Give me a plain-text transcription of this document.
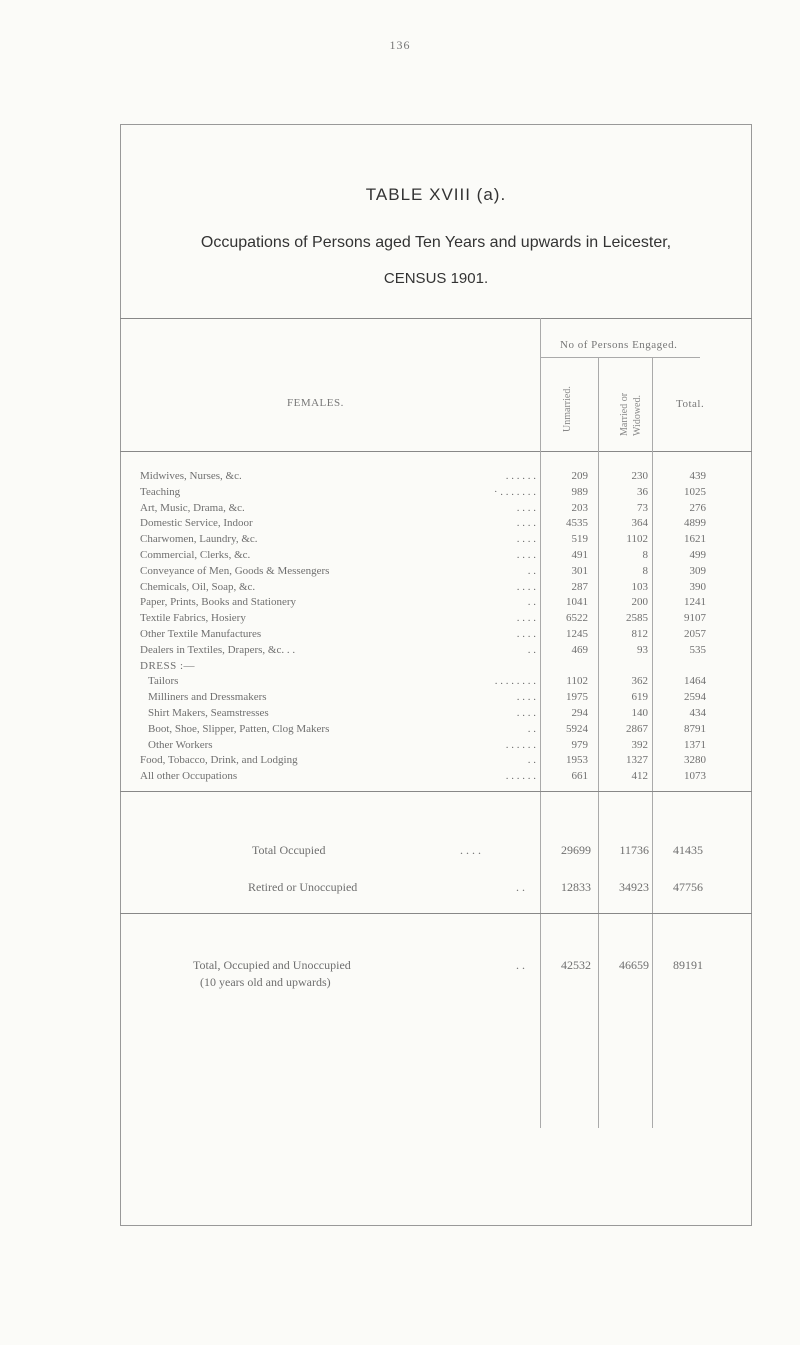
136
TABLE XVIII (a).
Occupations of Persons aged Ten Years and upwards in Leicester,
CENSUS 1901.
No of Persons Engaged.
FEMALES.	Unmarried.	Married or Widowed.	Total.
Midwives, Nurses, &c.	. . . . . .	209	230	439
Teaching	· . . . . . . .	989	36	1025
Art, Music, Drama, &c.	. . . .	203	73	276
Domestic Service, Indoor	. . . .	4535	364	4899
Charwomen, Laundry, &c.	. . . .	519	1102	1621
Commercial, Clerks, &c.	. . . .	491	8	499
Conveyance of Men, Goods & Messengers	. .	301	8	309
Chemicals, Oil, Soap, &c.	. . . .	287	103	390
Paper, Prints, Books and Stationery	. .	1041	200	1241
Textile Fabrics, Hosiery	. . . .	6522	2585	9107
Other Textile Manufactures	. . . .	1245	812	2057
Dealers in Textiles, Drapers, &c. . .	. .	469	93	535
DRESS :—
Tailors	. . . . . . . .	1102	362	1464
Milliners and Dressmakers	. . . .	1975	619	2594
Shirt Makers, Seamstresses	. . . .	294	140	434
Boot, Shoe, Slipper, Patten, Clog Makers	. .	5924	2867	8791
Other Workers	. . . . . .	979	392	1371
Food, Tobacco, Drink, and Lodging	. .	1953	1327	3280
All other Occupations	. . . . . .	661	412	1073
Total Occupied	. . . .	29699	11736	41435
Retired or Unoccupied	. .	12833	34923	47756
Total, Occupied and Unoccupied	. .	42532	46659	89191
(10 years old and upwards)
